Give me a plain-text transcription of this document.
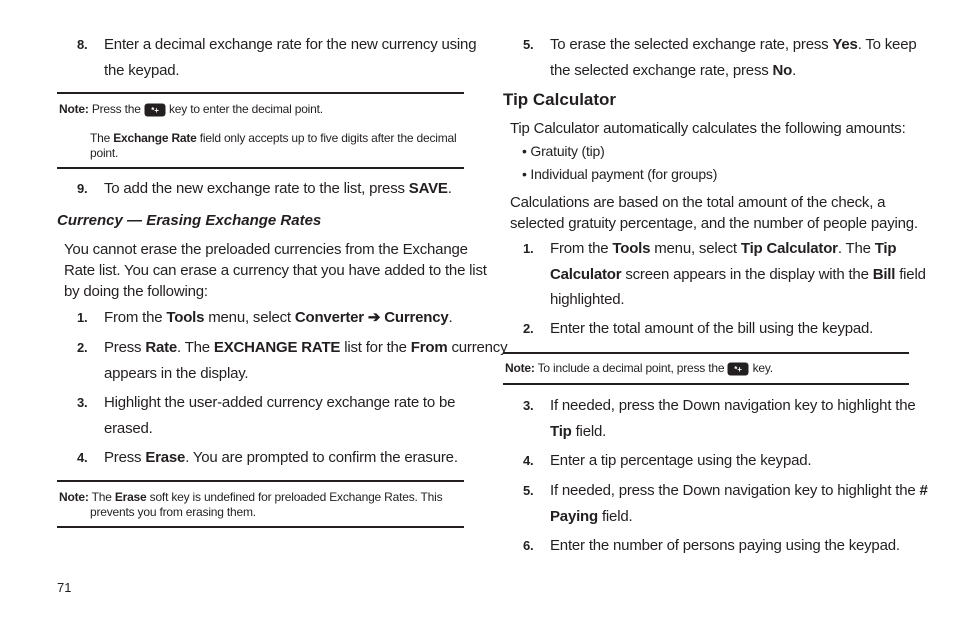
8. Enter a decimal exchange rate for the new currency using
the keypad.
Note: Press the *+ key to enter the decimal point.
The Exchange Rate field only accepts up to five digits after the decimal
point.
9. To add the new exchange rate to the list, press SAVE.
Currency — Erasing Exchange Rates
You cannot erase the preloaded currencies from the Exchange
Rate list. You can erase a currency that you have added to the list
by doing the following:
1. From the Tools menu, select Converter ➔ Currency.
2. Press Rate. The EXCHANGE RATE list for the From currency
appears in the display.
3. Highlight the user-added currency exchange rate to be
erased.
4. Press Erase. You are prompted to confirm the erasure.
Note: The Erase soft key is undefined for preloaded Exchange Rates. This
prevents you from erasing them.
71
5. To erase the selected exchange rate, press Yes. To keep
the selected exchange rate, press No.
Tip Calculator
Tip Calculator automatically calculates the following amounts:
• Gratuity (tip)
• Individual payment (for groups)
Calculations are based on the total amount of the check, a
selected gratuity percentage, and the number of people paying.
1. From the Tools menu, select Tip Calculator. The Tip
Calculator screen appears in the display with the Bill field
highlighted.
2. Enter the total amount of the bill using the keypad.
Note: To include a decimal point, press the *+ key.
3. If needed, press the Down navigation key to highlight the
Tip field.
4. Enter a tip percentage using the keypad.
5. If needed, press the Down navigation key to highlight the #
Paying field.
6. Enter the number of persons paying using the keypad.
